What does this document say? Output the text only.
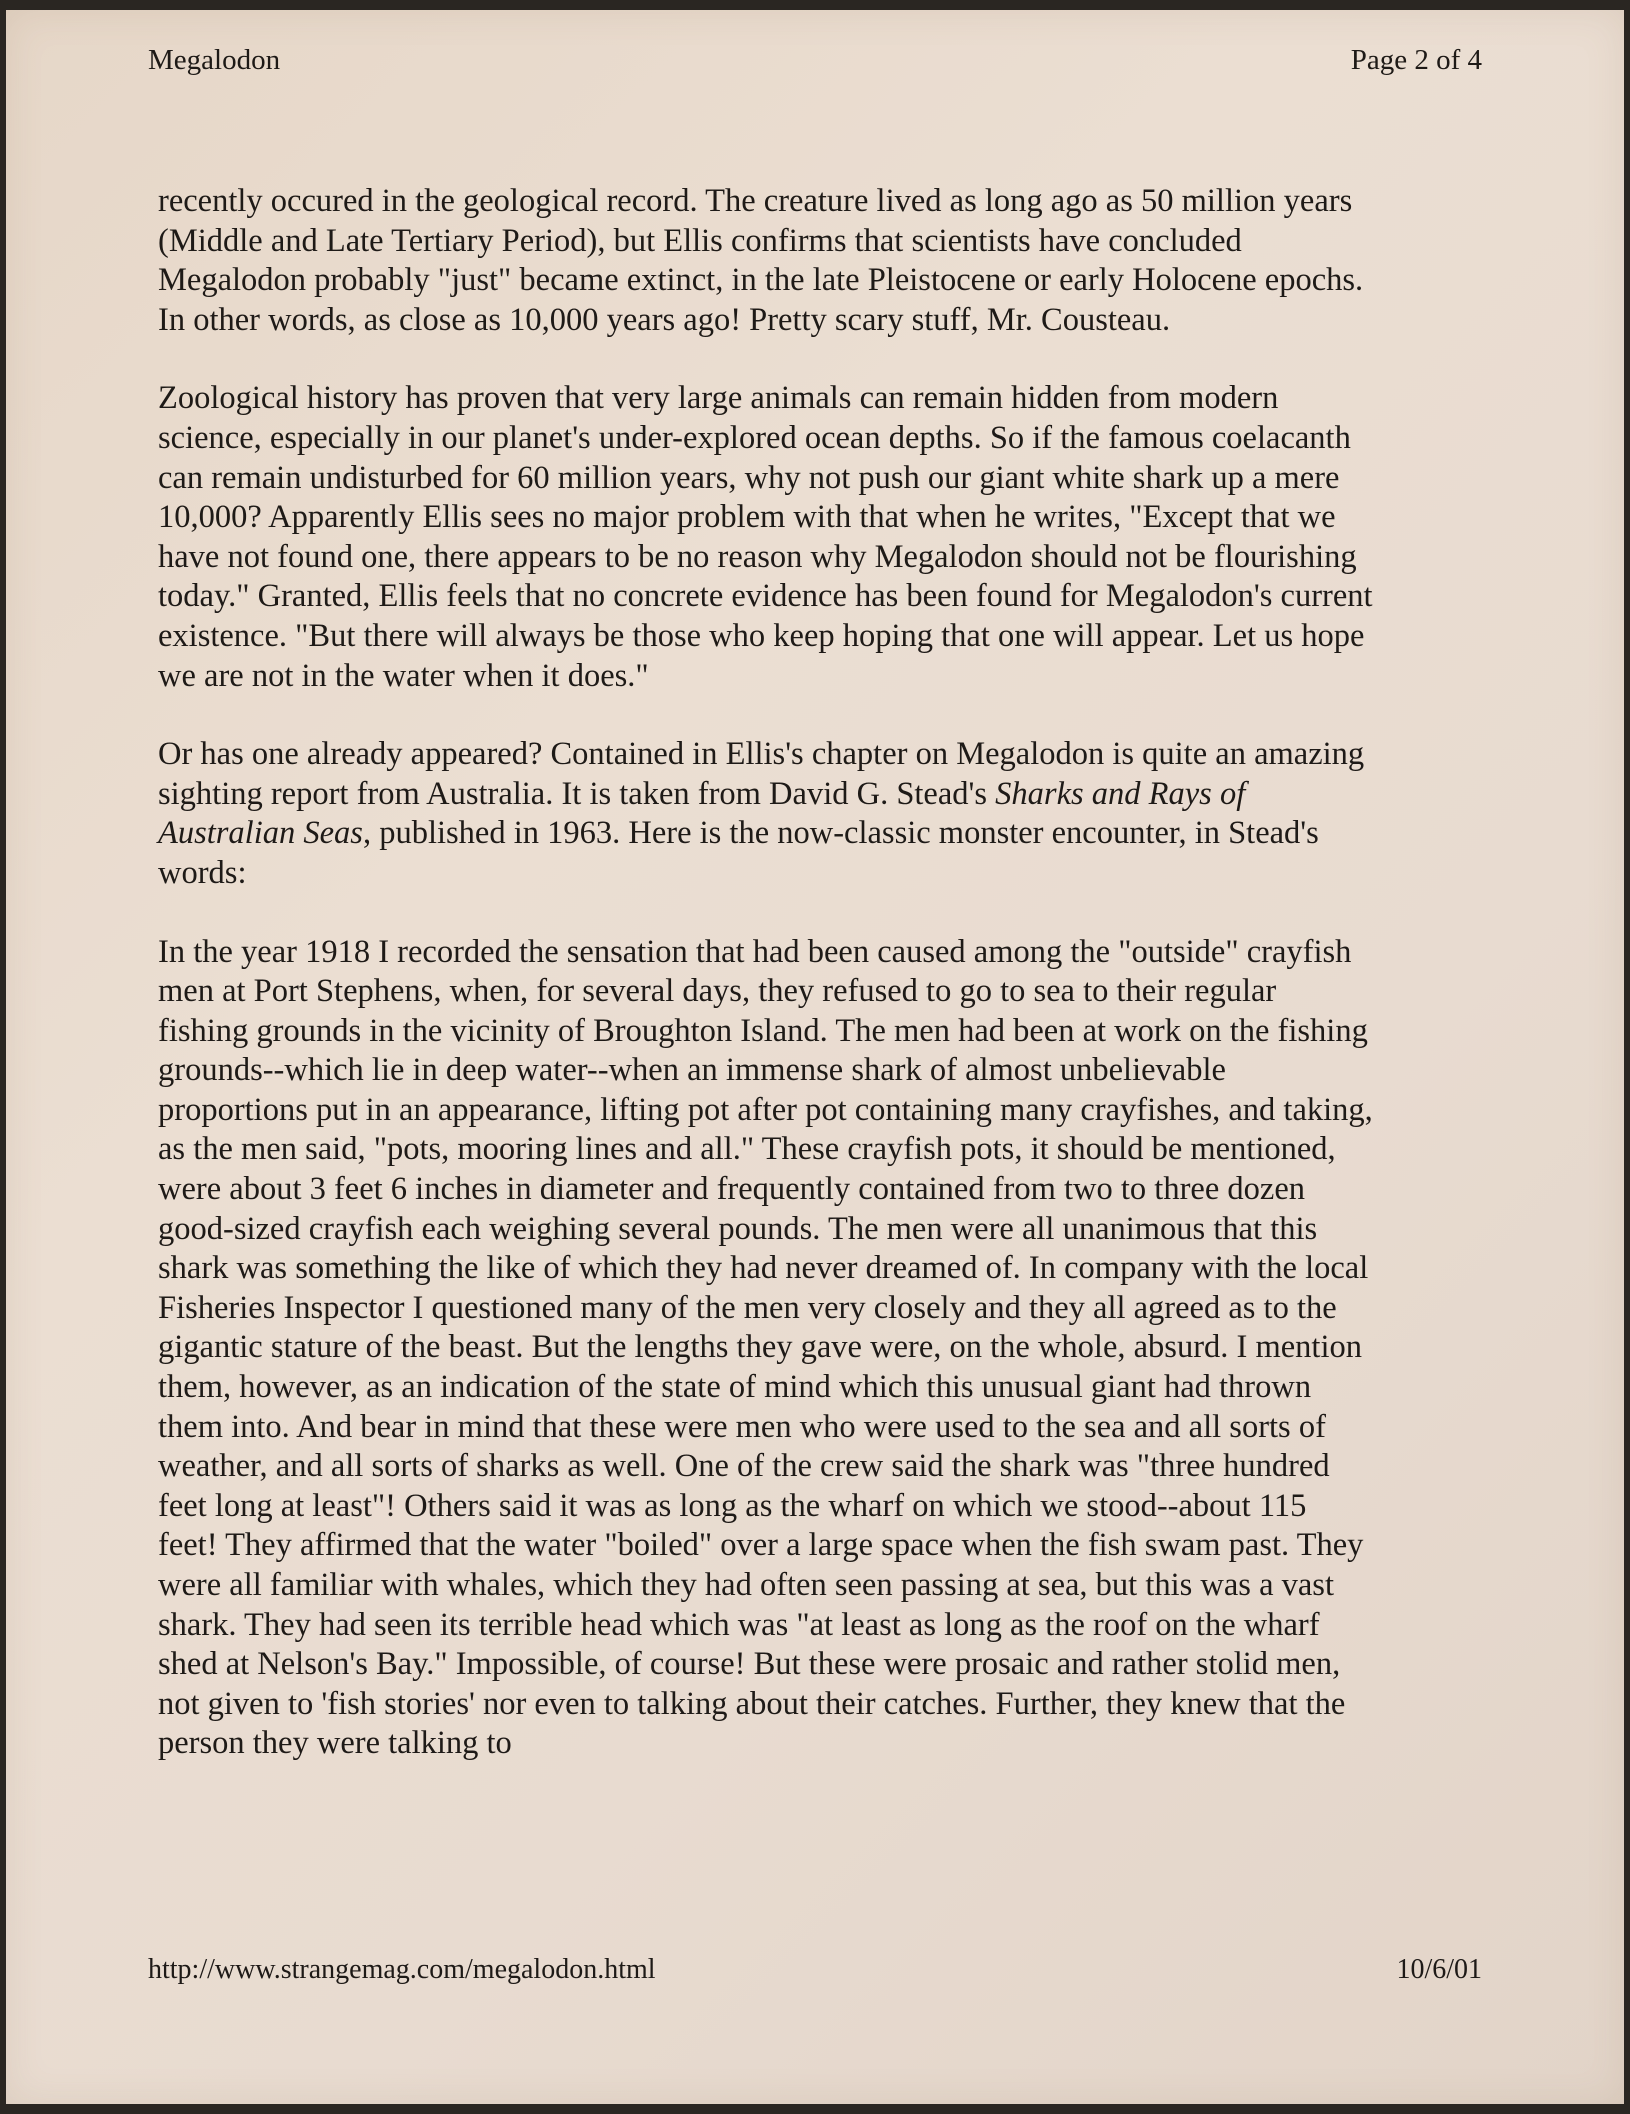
Megalodon	Page 2 of 4

recently occured in the geological record. The creature lived as long ago as 50 million years (Middle and Late Tertiary Period), but Ellis confirms that scientists have concluded Megalodon probably "just" became extinct, in the late Pleistocene or early Holocene epochs. In other words, as close as 10,000 years ago! Pretty scary stuff, Mr. Cousteau.

Zoological history has proven that very large animals can remain hidden from modern science, especially in our planet's under-explored ocean depths. So if the famous coelacanth can remain undisturbed for 60 million years, why not push our giant white shark up a mere 10,000? Apparently Ellis sees no major problem with that when he writes, "Except that we have not found one, there appears to be no reason why Megalodon should not be flourishing today." Granted, Ellis feels that no concrete evidence has been found for Megalodon's current existence. "But there will always be those who keep hoping that one will appear. Let us hope we are not in the water when it does."

Or has one already appeared? Contained in Ellis's chapter on Megalodon is quite an amazing sighting report from Australia. It is taken from David G. Stead's Sharks and Rays of Australian Seas, published in 1963. Here is the now-classic monster encounter, in Stead's words:

In the year 1918 I recorded the sensation that had been caused among the "outside" crayfish men at Port Stephens, when, for several days, they refused to go to sea to their regular fishing grounds in the vicinity of Broughton Island. The men had been at work on the fishing grounds--which lie in deep water--when an immense shark of almost unbelievable proportions put in an appearance, lifting pot after pot containing many crayfishes, and taking, as the men said, "pots, mooring lines and all." These crayfish pots, it should be mentioned, were about 3 feet 6 inches in diameter and frequently contained from two to three dozen good-sized crayfish each weighing several pounds. The men were all unanimous that this shark was something the like of which they had never dreamed of. In company with the local Fisheries Inspector I questioned many of the men very closely and they all agreed as to the gigantic stature of the beast. But the lengths they gave were, on the whole, absurd. I mention them, however, as an indication of the state of mind which this unusual giant had thrown them into. And bear in mind that these were men who were used to the sea and all sorts of weather, and all sorts of sharks as well. One of the crew said the shark was "three hundred feet long at least"! Others said it was as long as the wharf on which we stood--about 115 feet! They affirmed that the water "boiled" over a large space when the fish swam past. They were all familiar with whales, which they had often seen passing at sea, but this was a vast shark. They had seen its terrible head which was "at least as long as the roof on the wharf shed at Nelson's Bay." Impossible, of course! But these were prosaic and rather stolid men, not given to 'fish stories' nor even to talking about their catches. Further, they knew that the person they were talking to

http://www.strangemag.com/megalodon.html	10/6/01
